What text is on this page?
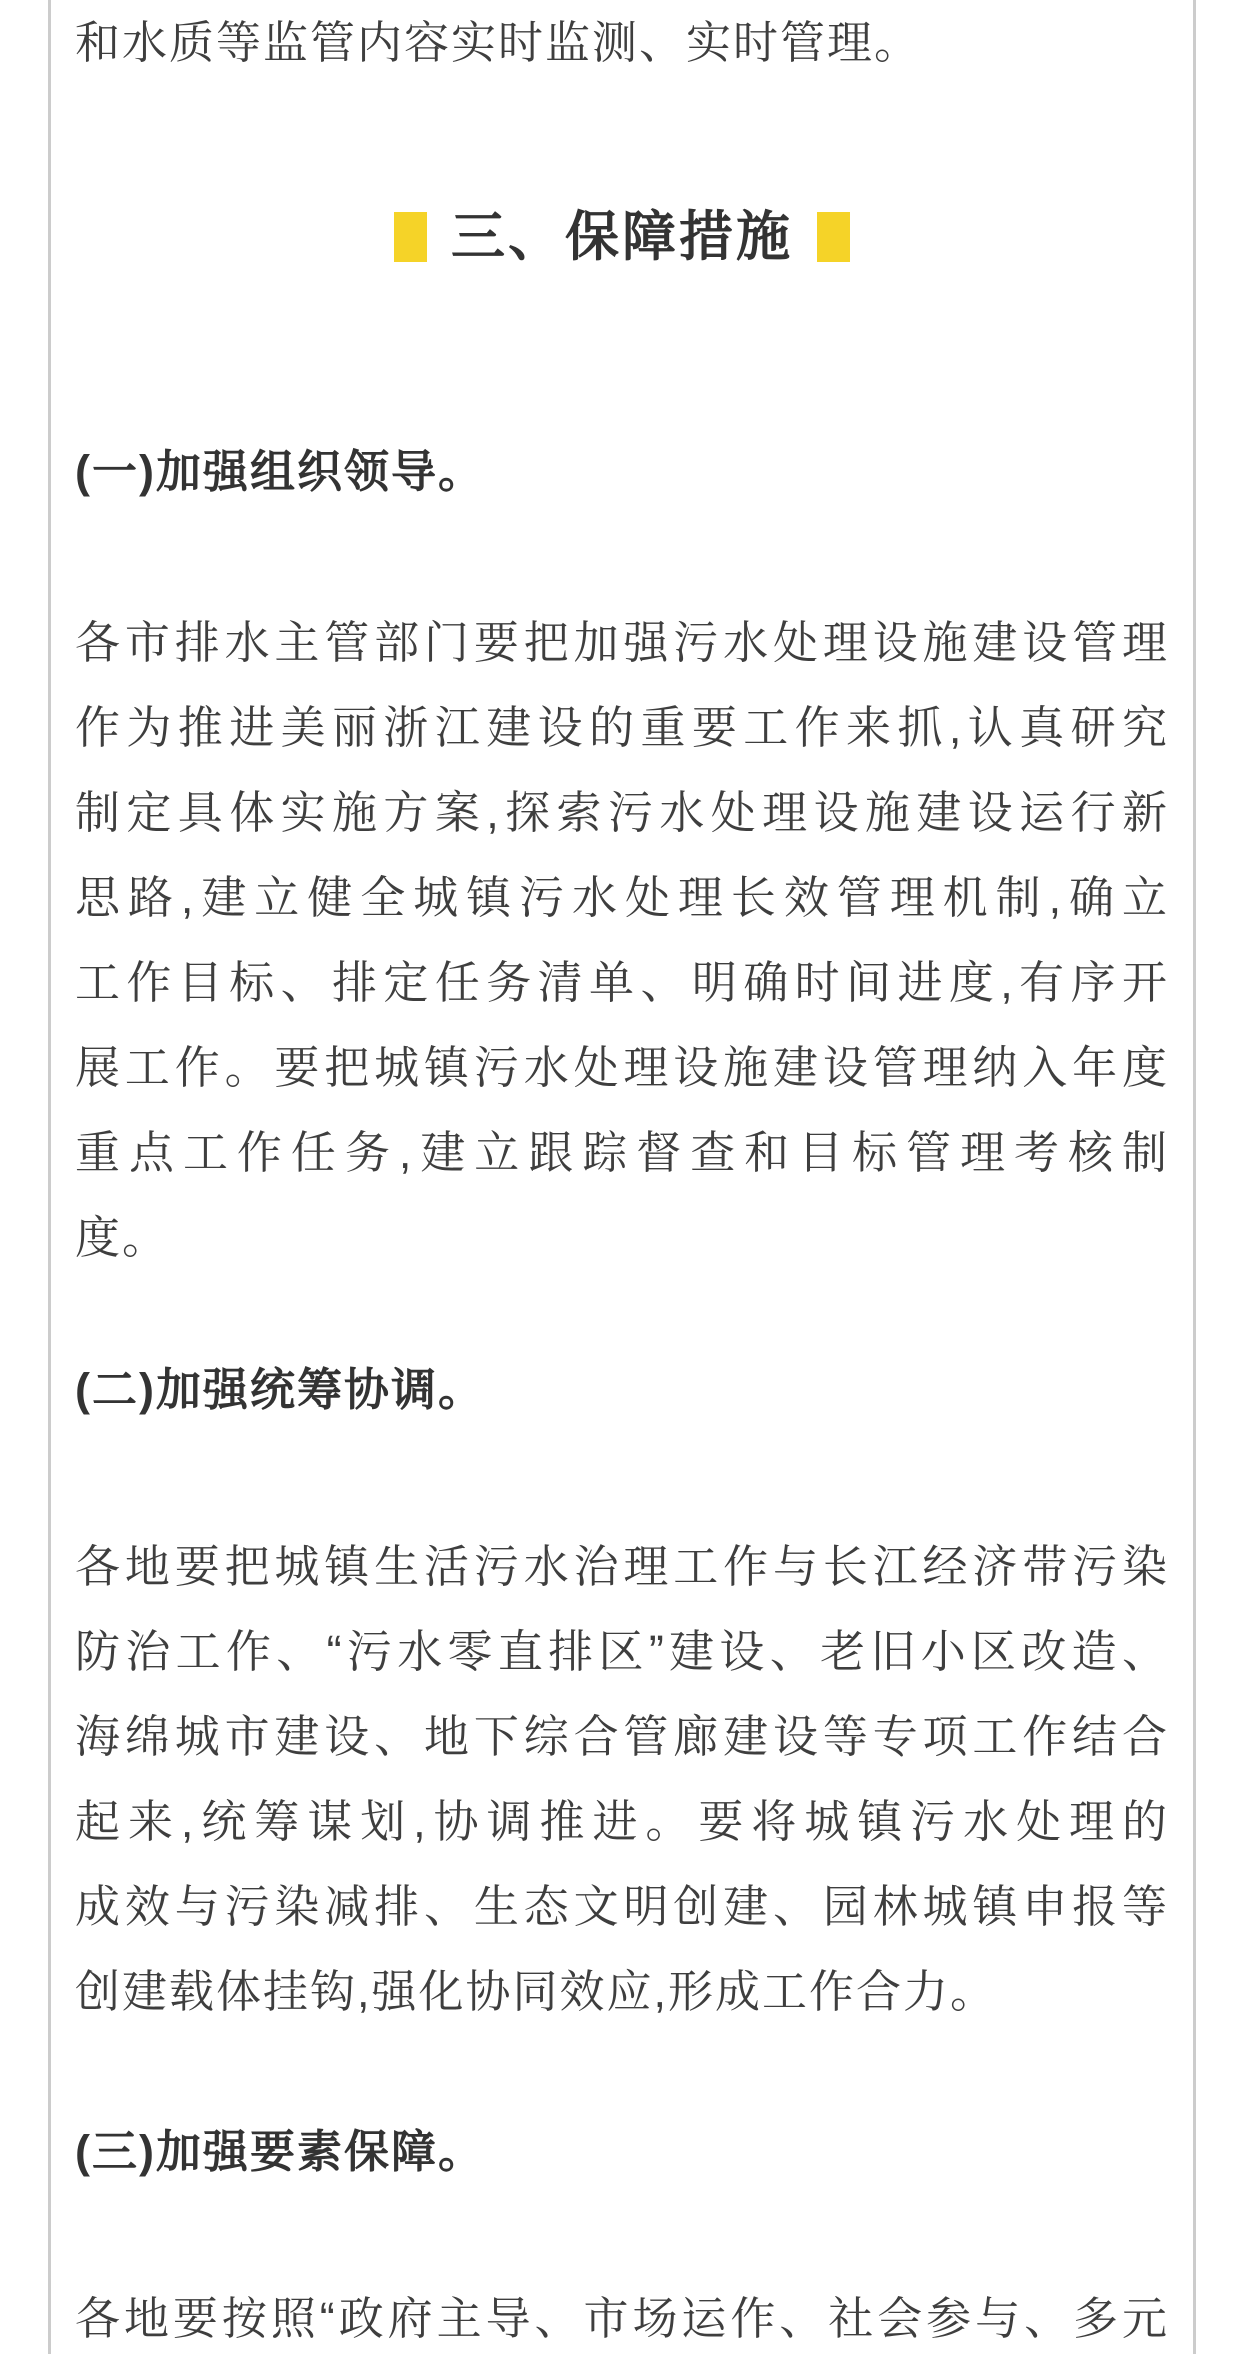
和水质等监管内容实时监测、实时管理。

三、保障措施
(一)加强组织领导。

各市排水主管部门要把加强污水处理设施建设管理

作为推进美丽浙江建设的重要工作来抓,认真研究

制定具体实施方案,探索污水处理设施建设运行新

思路,建立健全城镇污水处理长效管理机制,确立

工作目标、排定任务清单、明确时间进度,有序开

展工作。要把城镇污水处理设施建设管理纳入年度

重点工作任务,建立跟踪督查和目标管理考核制

度。

(二)加强统筹协调。

各地要把城镇生活污水治理工作与长江经济带污染

防治工作、“污水零直排区”建设、老旧小区改造、

海绵城市建设、地下综合管廊建设等专项工作结合

起来,统筹谋划,协调推进。要将城镇污水处理的

成效与污染减排、生态文明创建、园林城镇申报等

创建载体挂钩,强化协同效应,形成工作合力。

(三)加强要素保障。

各地要按照“政府主导、市场运作、社会参与、多元
